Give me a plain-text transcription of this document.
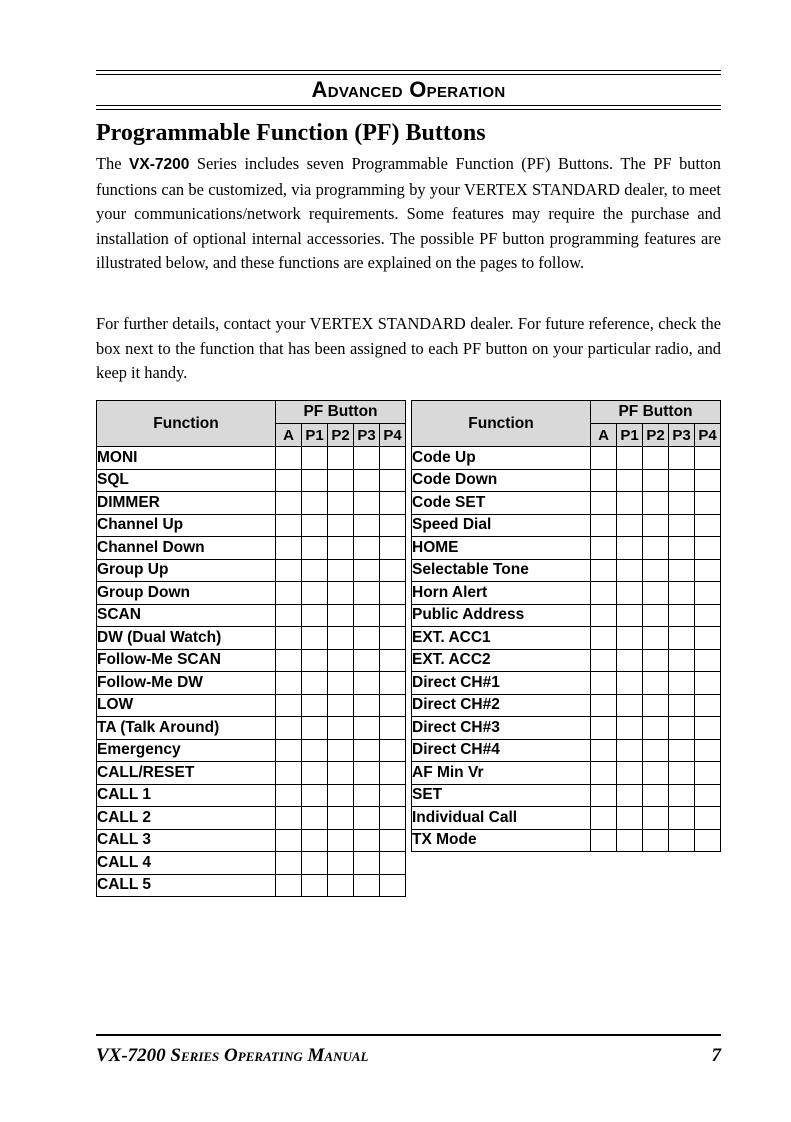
Advanced Operation
Programmable Function (PF) Buttons

The VX-7200 Series includes seven Programmable Function (PF) Buttons. The PF button functions can be customized, via programming by your VERTEX STANDARD dealer, to meet your communications/network requirements. Some features may require the purchase and installation of optional internal accessories. The possible PF button programming features are illustrated below, and these functions are explained on the pages to follow.

For further details, contact your VERTEX STANDARD dealer. For future reference, check the box next to the function that has been assigned to each PF button on your particular radio, and keep it handy.

Function	PF Button				
	A	P1	P2	P3	P4
MONI					
SQL					
DIMMER					
Channel Up					
Channel Down					
Group Up					
Group Down					
SCAN					
DW (Dual Watch)					
Follow-Me SCAN					
Follow-Me DW					
LOW					
TA (Talk Around)					
Emergency					
CALL/RESET					
CALL 1					
CALL 2					
CALL 3					
CALL 4					
CALL 5					
Function	PF Button				
	A	P1	P2	P3	P4
Code Up					
Code Down					
Code SET					
Speed Dial					
HOME					
Selectable Tone					
Horn Alert					
Public Address					
EXT. ACC1					
EXT. ACC2					
Direct CH#1					
Direct CH#2					
Direct CH#3					
Direct CH#4					
AF Min Vr					
SET					
Individual Call					
TX Mode					
VX-7200 Series Operating Manual	7
